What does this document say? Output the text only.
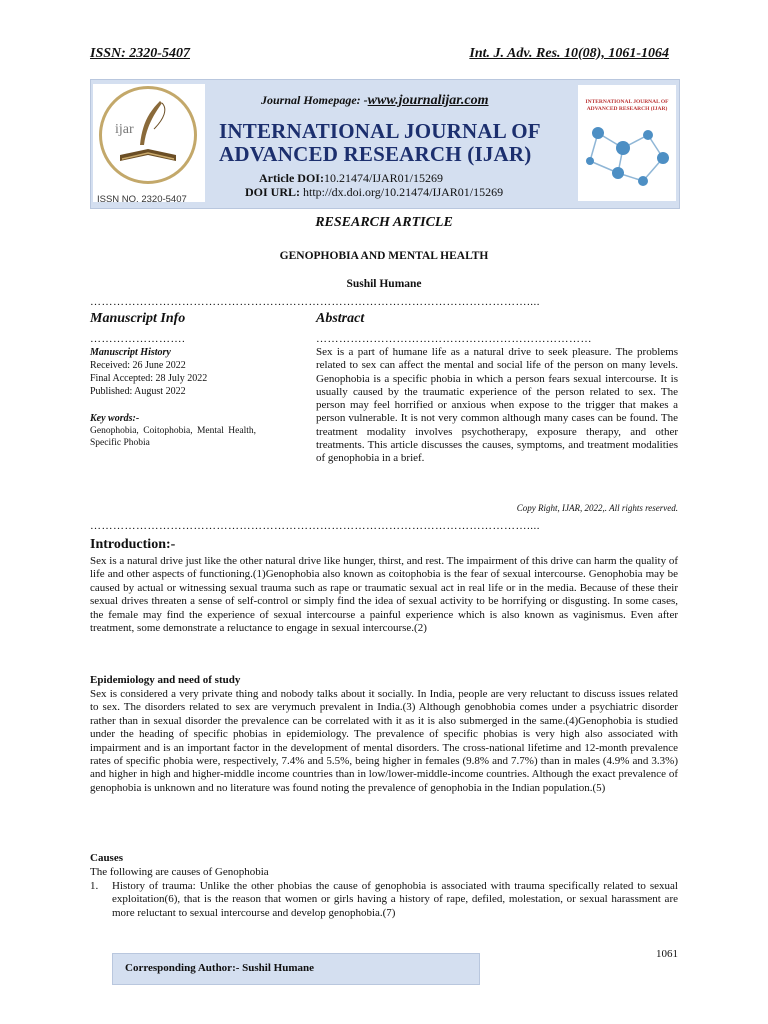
ISSN: 2320-5407	Int. J. Adv. Res. 10(08), 1061-1064
ijar
ISSN NO. 2320-5407
Journal Homepage: -www.journalijar.com
INTERNATIONAL JOURNAL OF ADVANCED RESEARCH (IJAR)
Article DOI:10.21474/IJAR01/15269
DOI URL: http://dx.doi.org/10.21474/IJAR01/15269
INTERNATIONAL JOURNAL OF ADVANCED RESEARCH (IJAR)
RESEARCH ARTICLE
GENOPHOBIA AND MENTAL HEALTH
Sushil Humane
……………………………………………………………………………………………………....
Manuscript Info	Abstract
…………………….	………………………………………………………………
Manuscript History
Received: 26 June 2022
Final Accepted: 28 July 2022
Published: August 2022
Key words:-
Genophobia, Coitophobia, Mental Health, Specific Phobia
Sex is a part of humane life as a natural drive to seek pleasure. The problems related to sex can affect the mental and social life of the person on many levels. Genophobia is a specific phobia in which a person fears sexual intercourse. It is usually caused by the traumatic experience of the person related to sex. The person may feel horrified or anxious when expose to the trigger that makes a person vulnerable. It is not very common although many cases can be found. The treatment modality involves psychotherapy, exposure therapy, and other treatments. This article discusses the causes, symptoms, and treatment modalities of genophobia in a brief.
Copy Right, IJAR, 2022,. All rights reserved.
……………………………………………………………………………………………………....
Introduction:-
Sex is a natural drive just like the other natural drive like hunger, thirst, and rest. The impairment of this drive can harm the quality of life and other aspects of functioning.(1)Genophobia also known as coitophobia is the fear of sexual intercourse. Genophobia may be caused by actual or witnessing sexual trauma such as rape or traumatic sexual act in real life or in the media. Because of these their sexual drives threaten a sense of self-control or simply find the idea of sexual activity to be horrifying or disgusting. In some cases, the female may find the experience of sexual intercourse a painful experience which is also known as vaginismus. Even after treatment, some demonstrate a reluctance to engage in sexual intercourse.(2)
Epidemiology and need of study
Sex is considered a very private thing and nobody talks about it socially. In India, people are very reluctant to discuss issues related to sex. The disorders related to sex are verymuch prevalent in India.(3) Although genobhobia comes under a psychiatric disorder rather than in sexual disorder the prevalence can be correlated with it as it is also submerged in the same.(4)Genophobia is studied under the heading of specific phobias in epidemiology. The prevalence of specific phobias is very high also associated with impairment and is an important factor in the development of mental disorders. The cross-national lifetime and 12-month prevalence rates of specific phobia were, respectively, 7.4% and 5.5%, being higher in females (9.8% and 7.7%) than in males (4.9% and 3.3%) and higher in high and higher-middle income countries than in low/lower-middle-income countries. Although the exact prevalence of genophobia is unknown and no literature was found noting the prevalence of genophobia in the Indian population.(5)
Causes
The following are causes of Genophobia
1.	History of trauma: Unlike the other phobias the cause of genophobia is associated with trauma specifically related to sexual exploitation(6), that is the reason that women or girls having a history of rape, defiled, molestation, or sexual harassment are more reluctant to sexual intercourse and develop genophobia.(7)
1061
Corresponding Author:- Sushil Humane
